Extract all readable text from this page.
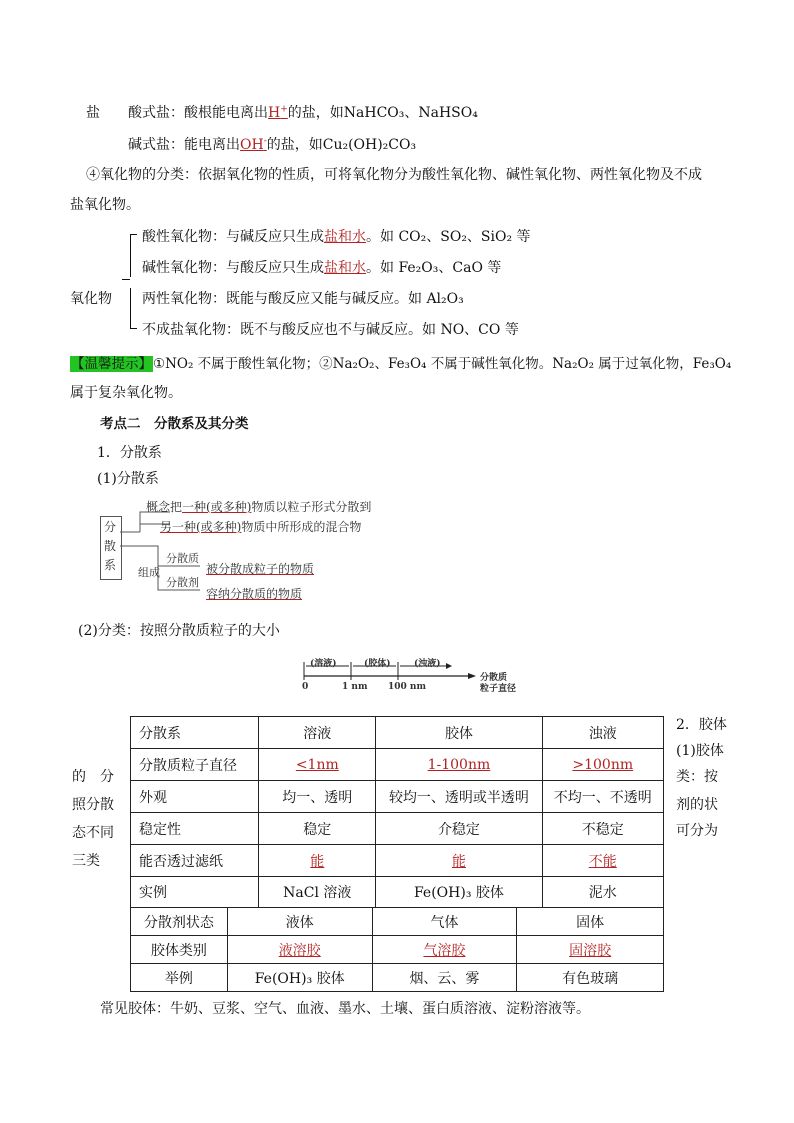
盐 酸式盐：酸根能电离出H+的盐，如NaHCO₃、NaHSO₄
碱式盐：能电离出OH-的盐，如Cu₂(OH)₂CO₃
④氧化物的分类：依据氧化物的性质，可将氧化物分为酸性氧化物、碱性氧化物、两性氧化物及不成
盐氧化物。
氧化物
酸性氧化物：与碱反应只生成盐和水。如 CO₂、SO₂、SiO₂ 等
碱性氧化物：与酸反应只生成盐和水。如 Fe₂O₃、CaO 等
两性氧化物：既能与酸反应又能与碱反应。如 Al₂O₃
不成盐氧化物：既不与酸反应也不与碱反应。如 NO、CO 等
【温馨提示】①NO₂ 不属于酸性氧化物；②Na₂O₂、Fe₃O₄ 不属于碱性氧化物。Na₂O₂ 属于过氧化物，Fe₃O₄
属于复杂氧化物。
考点二　分散系及其分类
1．分散系
(1)分散系
分散系
概念把一种(或多种)物质以粒子形式分散到
另一种(或多种)物质中所形成的混合物
组成
分散质
被分散成粒子的物质
分散剂
容纳分散质的物质
(2)分类：按照分散质粒子的大小
(溶液)	(胶体)	(浊液)
0	1 nm 100 nm
分散质
粒子直径
的　分
照分散
态不同
三类
2．胶体
(1)胶体
类：按
剂的状
可分为
分散系	溶液	胶体	浊液
分散质粒子直径	<1nm	1-100nm	>100nm
外观	均一、透明	较均一、透明或半透明	不均一、不透明
稳定性	稳定	介稳定	不稳定
能否透过滤纸	能	能	不能
实例	NaCl 溶液	Fe(OH)₃ 胶体	泥水
分散剂状态	液体	气体	固体
胶体类别	液溶胶	气溶胶	固溶胶
举例	Fe(OH)₃ 胶体	烟、云、雾	有色玻璃
常见胶体：牛奶、豆浆、空气、血液、墨水、土壤、蛋白质溶液、淀粉溶液等。
